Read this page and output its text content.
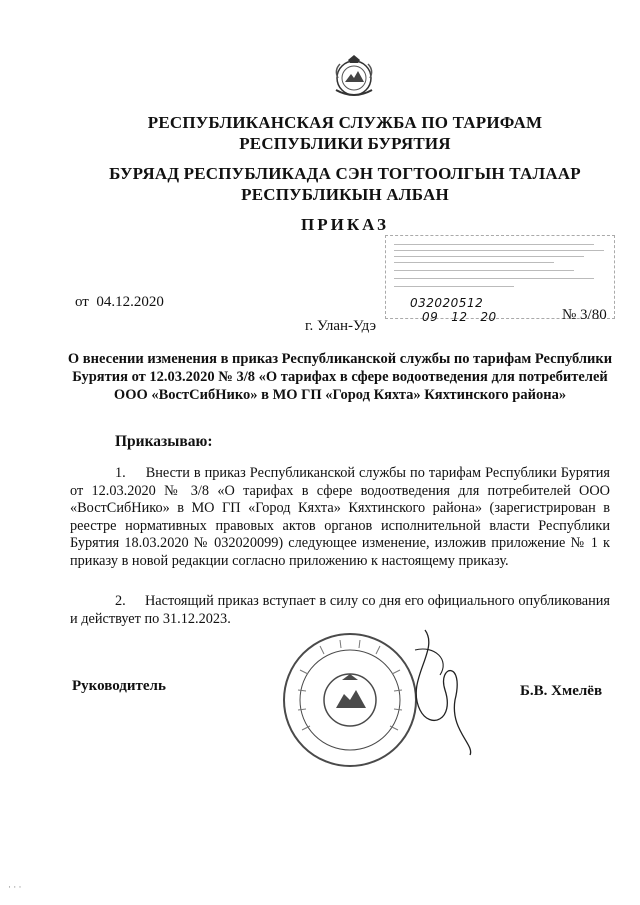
РЕСПУБЛИКАНСКАЯ СЛУЖБА ПО ТАРИФАМ РЕСПУБЛИКИ БУРЯТИЯ
БУРЯАД РЕСПУБЛИКАДА СЭН ТОГТООЛГЫН ТАЛААР РЕСПУБЛИКЫН АЛБАН
ПРИКАЗ
032020512
09   12   20
от  04.12.2020
г. Улан-Удэ
№ 3/80
О внесении изменения в приказ Республиканской службы по тарифам Республики Бурятия от 12.03.2020 № 3/8 «О тарифах в сфере водоотведения для потребителей ООО «ВостСибНико» в МО ГП «Город Кяхта» Кяхтинского района»
Приказываю:
1.     Внести в приказ Республиканской службы по тарифам Республики Бурятия от 12.03.2020 № 3/8 «О тарифах в сфере водоотведения для потребителей ООО «ВостСибНико» в МО ГП «Город Кяхта» Кяхтинского района» (зарегистрирован в реестре нормативных правовых актов органов исполнительной власти Республики Бурятия 18.03.2020 № 032020099) следующее изменение, изложив приложение № 1 к приказу в новой редакции согласно приложению к настоящему приказу.
2.     Настоящий приказ вступает в силу со дня его официального опубликования и действует по 31.12.2023.
Руководитель	Б.В. Хмелёв
· · ·
